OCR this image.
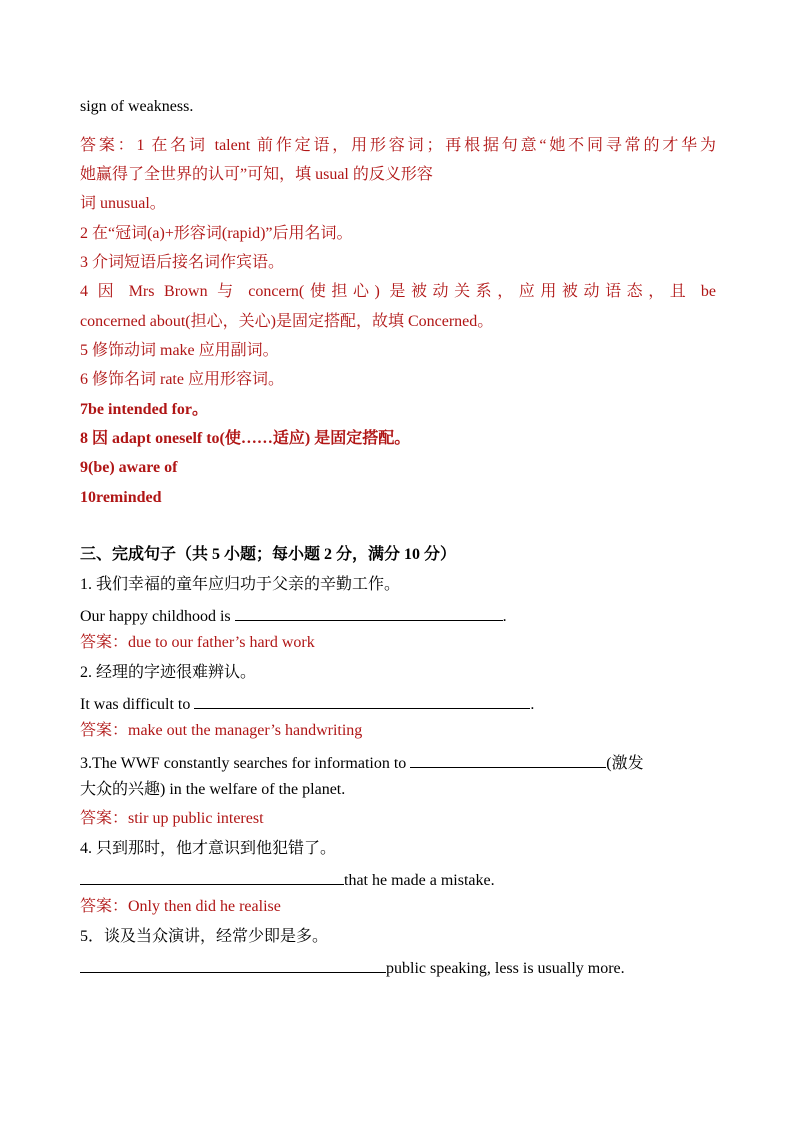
sign of weakness.
答案：1 在名词 talent 前作定语，用形容词；再根据句意“她不同寻常的才华为
她赢得了全世界的认可”可知，填 usual 的反义形容
词 unusual。
2 在“冠词(a)+形容词(rapid)”后用名词。
3 介词短语后接名词作宾语。
4 因 Mrs Brown 与 concern(使担心) 是被动关系，应用被动语态，且 be
concerned about(担心，关心)是固定搭配，故填 Concerned。
5 修饰动词 make 应用副词。
6 修饰名词 rate 应用形容词。
7be intended for。
8 因 adapt oneself to(使……适应) 是固定搭配。
9(be) aware of
10reminded
三、完成句子（共 5 小题；每小题 2 分，满分 10 分）
1. 我们幸福的童年应归功于父亲的辛勤工作。
Our happy childhood is	.
答案：due to our father’s hard work
2. 经理的字迹很难辨认。
It was difficult to	.
答案：make out the manager’s handwriting
3.The WWF constantly searches for information to	(激发
大众的兴趣) in the welfare of the planet.
答案：stir up public interest
4. 只到那时，他才意识到他犯错了。
that he made a mistake.
答案：Only then did he realise
5．谈及当众演讲，经常少即是多。
public speaking, less is usually more.
